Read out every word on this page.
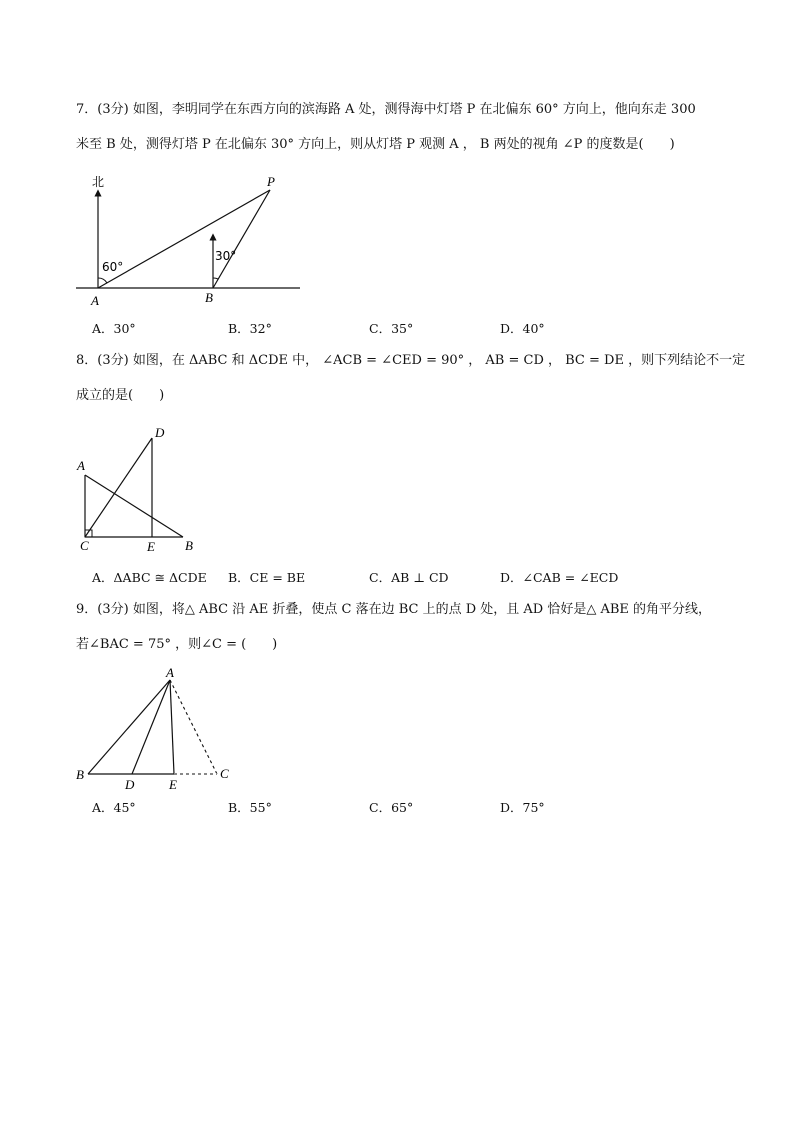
7．(3分) 如图，李明同学在东西方向的滨海路 A 处，测得海中灯塔 P 在北偏东 60° 方向上，他向东走 300
米至 B 处，测得灯塔 P 在北偏东 30° 方向上，则从灯塔 P 观测 A ， B 两处的视角 ∠P 的度数是(　　)
北
60°
30°
A	B
P
A．30°	B．32°	C．35°	D．40°
8．(3分) 如图，在 ΔABC 和 ΔCDE 中， ∠ACB = ∠CED = 90° ， AB = CD ， BC = DE ，则下列结论不一定
成立的是(　　)
A
B
C
D
E
A．ΔABC ≅ ΔCDE B．CE = BE	C．AB ⊥ CD	D．∠CAB = ∠ECD
9．(3分) 如图，将△ ABC 沿 AE 折叠，使点 C 落在边 BC 上的点 D 处，且 AD 恰好是△ ABE 的角平分线，
若∠BAC = 75° ，则∠C = (　　)
A
B	C
D	E
A．45°	B．55°	C．65°	D．75°
